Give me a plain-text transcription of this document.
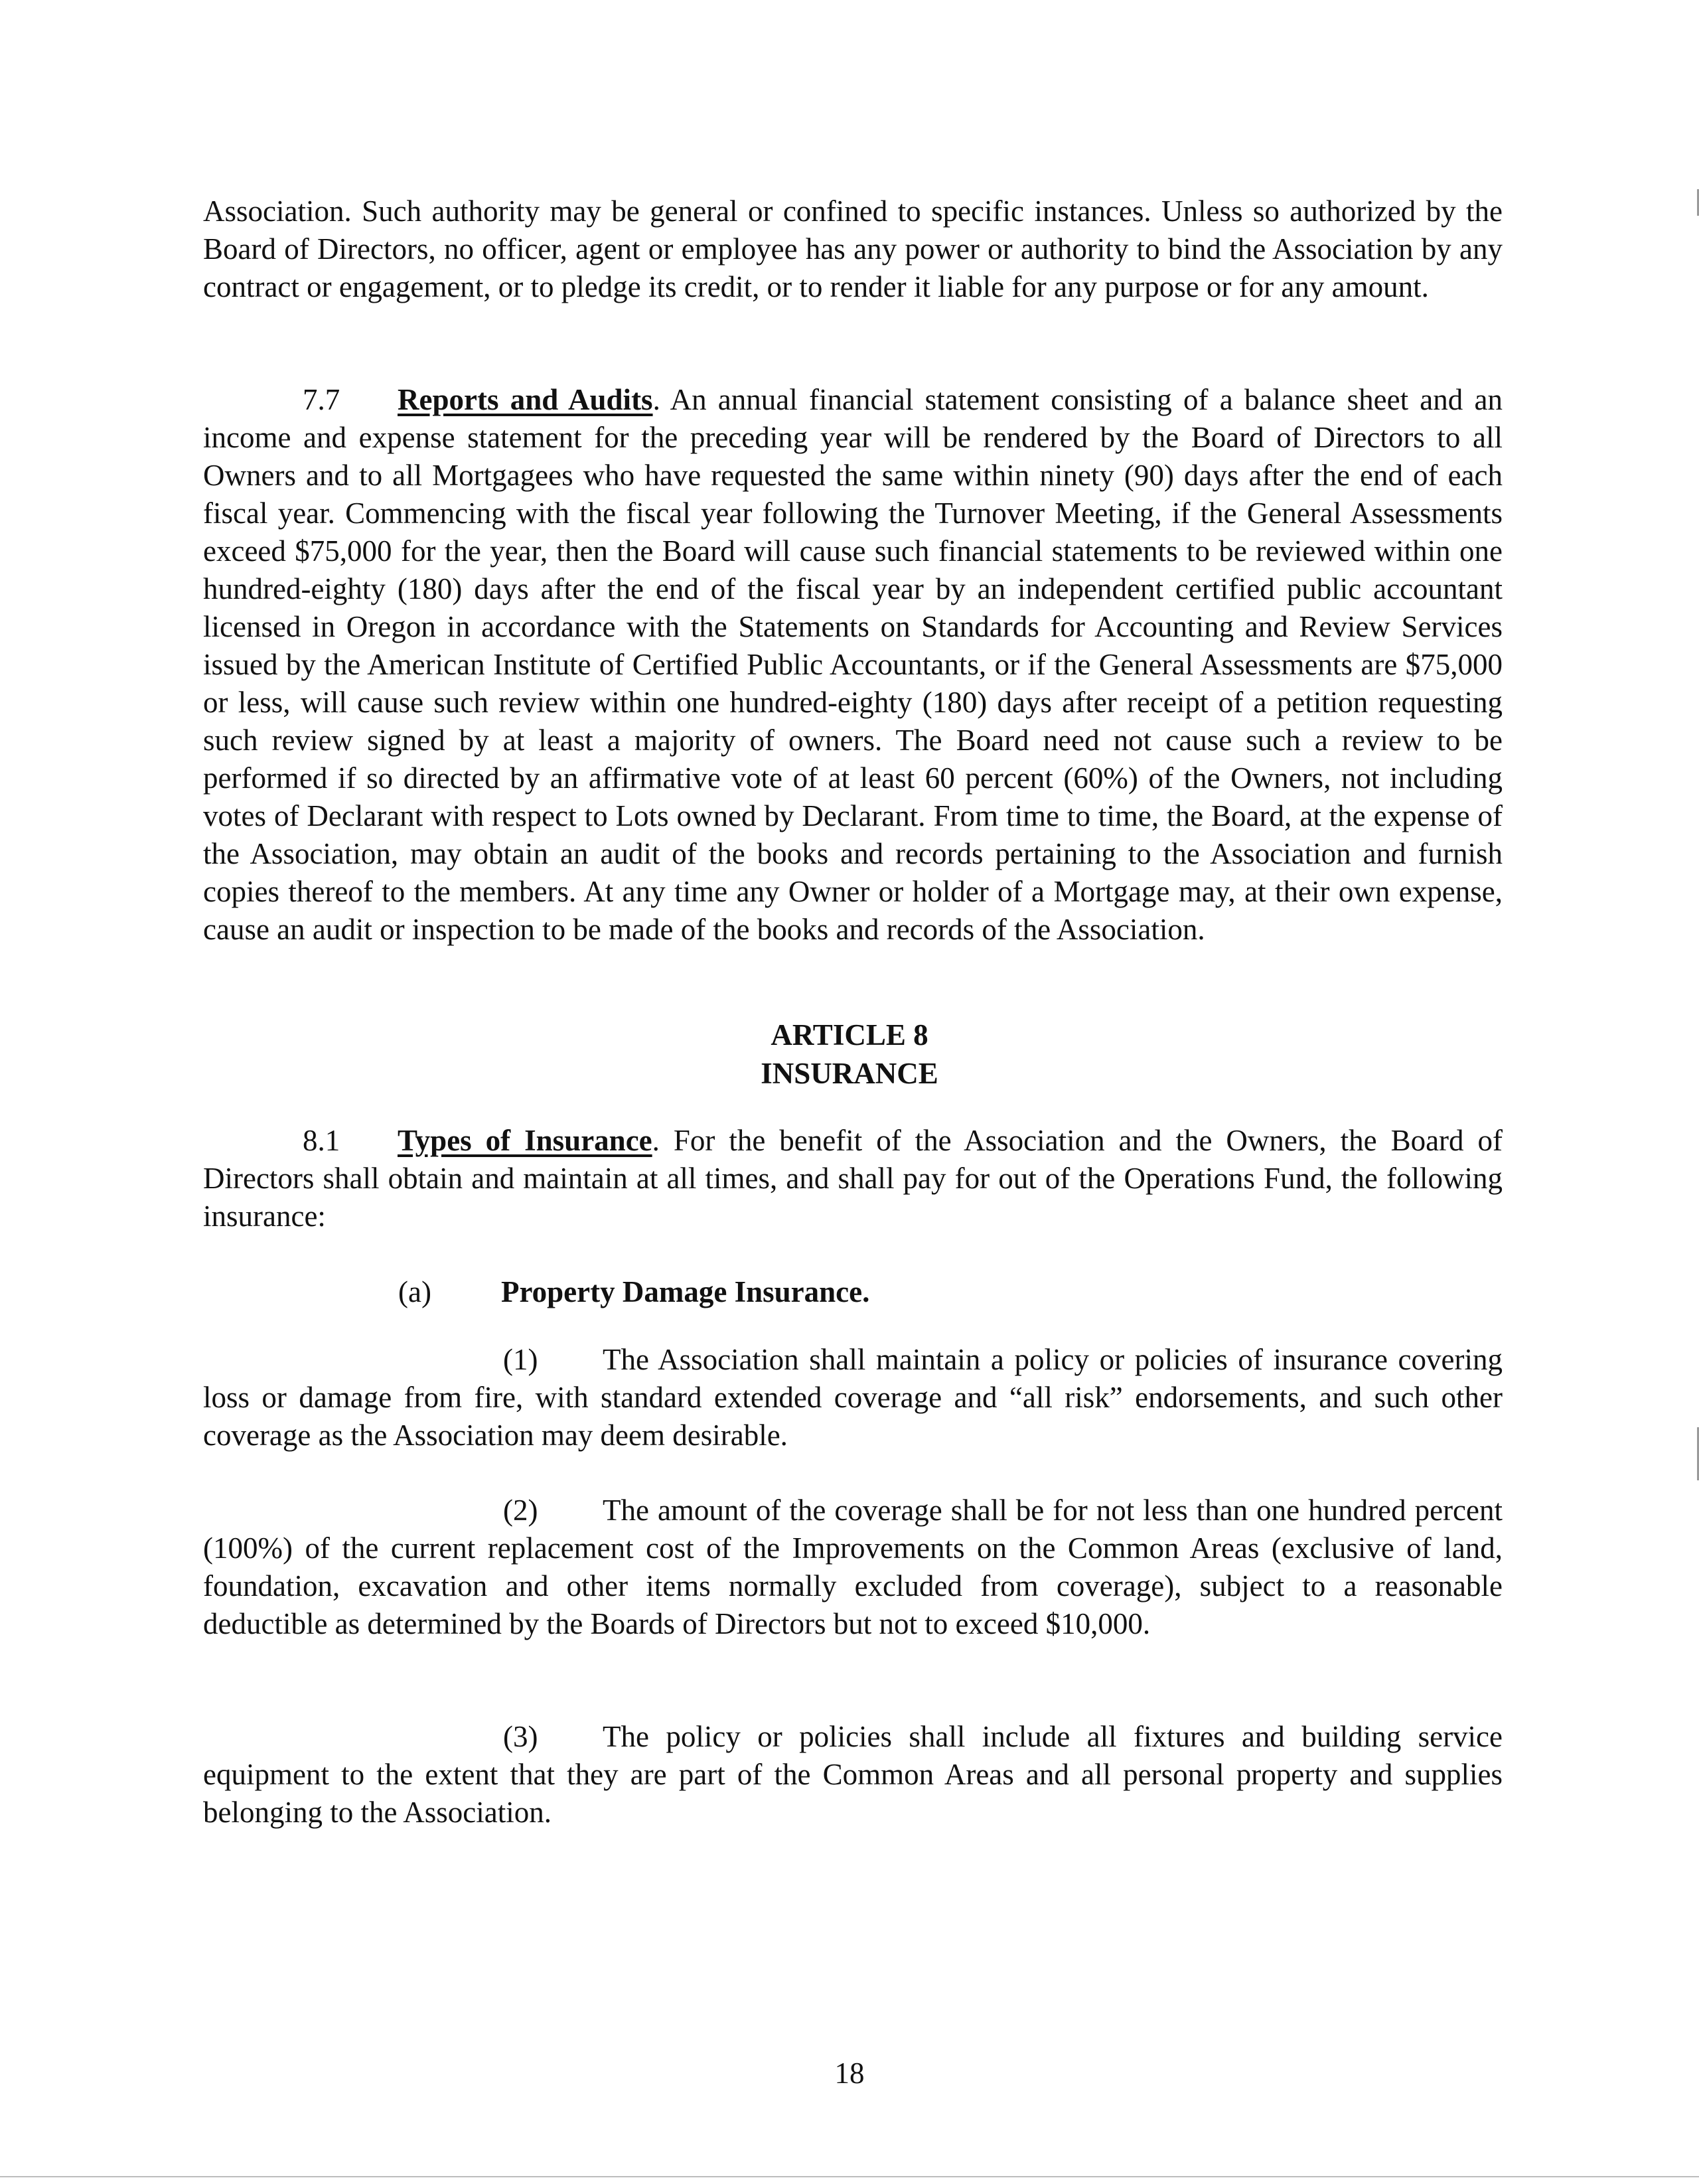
Association. Such authority may be general or confined to specific instances. Unless so authorized by the Board of Directors, no officer, agent or employee has any power or authority to bind the Association by any contract or engagement, or to pledge its credit, or to render it liable for any purpose or for any amount.

7.7 Reports and Audits. An annual financial statement consisting of a balance sheet and an income and expense statement for the preceding year will be rendered by the Board of Directors to all Owners and to all Mortgagees who have requested the same within ninety (90) days after the end of each fiscal year. Commencing with the fiscal year following the Turnover Meeting, if the General Assessments exceed $75,000 for the year, then the Board will cause such financial statements to be reviewed within one hundred-eighty (180) days after the end of the fiscal year by an independent certified public accountant licensed in Oregon in accordance with the Statements on Standards for Accounting and Review Services issued by the American Institute of Certified Public Accountants, or if the General Assessments are $75,000 or less, will cause such review within one hundred-eighty (180) days after receipt of a petition requesting such review signed by at least a majority of owners. The Board need not cause such a review to be performed if so directed by an affirmative vote of at least 60 percent (60%) of the Owners, not including votes of Declarant with respect to Lots owned by Declarant. From time to time, the Board, at the expense of the Association, may obtain an audit of the books and records pertaining to the Association and furnish copies thereof to the members. At any time any Owner or holder of a Mortgage may, at their own expense, cause an audit or inspection to be made of the books and records of the Association.

ARTICLE 8

INSURANCE

8.1 Types of Insurance. For the benefit of the Association and the Owners, the Board of Directors shall obtain and maintain at all times, and shall pay for out of the Operations Fund, the following insurance:

(a) Property Damage Insurance.

(1) The Association shall maintain a policy or policies of insurance covering loss or damage from fire, with standard extended coverage and “all risk” endorsements, and such other coverage as the Association may deem desirable.

(2) The amount of the coverage shall be for not less than one hundred percent (100%) of the current replacement cost of the Improvements on the Common Areas (exclusive of land, foundation, excavation and other items normally excluded from coverage), subject to a reasonable deductible as determined by the Boards of Directors but not to exceed $10,000.

(3) The policy or policies shall include all fixtures and building service equipment to the extent that they are part of the Common Areas and all personal property and supplies belonging to the Association.

18
